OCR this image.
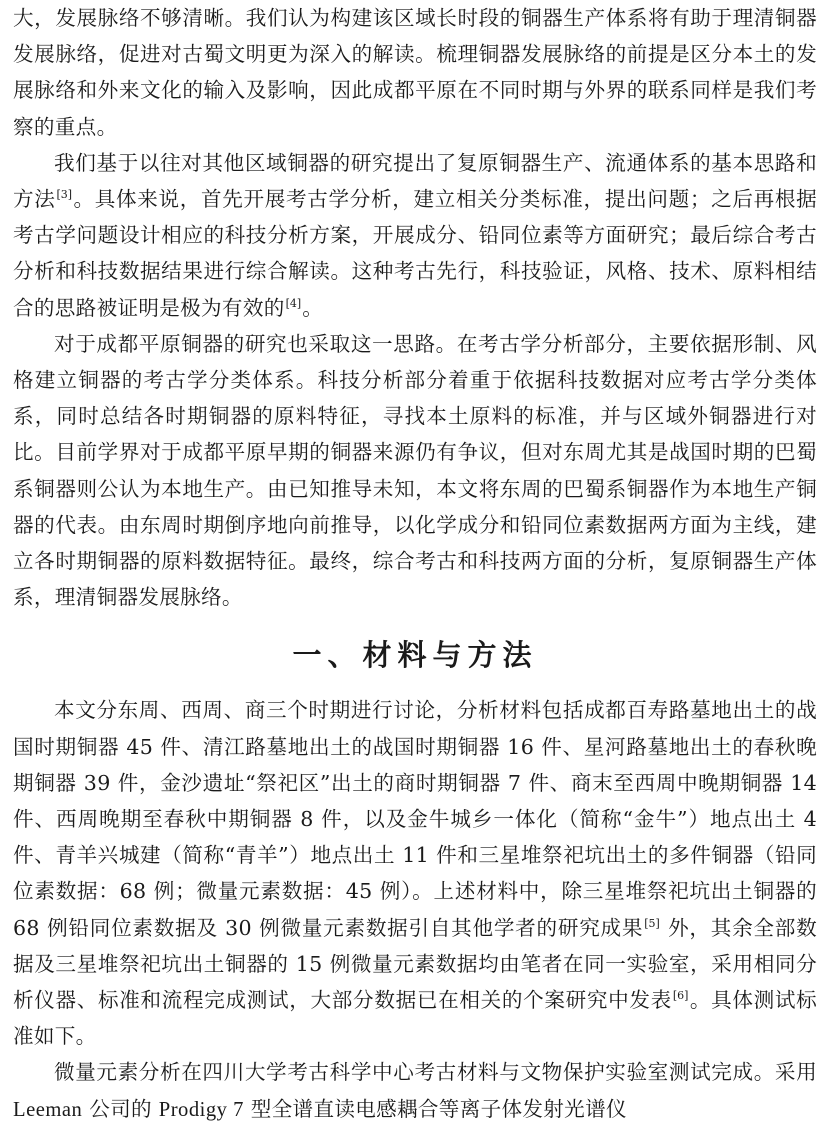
大，发展脉络不够清晰。我们认为构建该区域长时段的铜器生产体系将有助于理清铜器发展脉络，促进对古蜀文明更为深入的解读。梳理铜器发展脉络的前提是区分本土的发展脉络和外来文化的输入及影响，因此成都平原在不同时期与外界的联系同样是我们考察的重点。

我们基于以往对其他区域铜器的研究提出了复原铜器生产、流通体系的基本思路和方法[3]。具体来说，首先开展考古学分析，建立相关分类标准，提出问题；之后再根据考古学问题设计相应的科技分析方案，开展成分、铅同位素等方面研究；最后综合考古分析和科技数据结果进行综合解读。这种考古先行，科技验证，风格、技术、原料相结合的思路被证明是极为有效的[4]。

对于成都平原铜器的研究也采取这一思路。在考古学分析部分，主要依据形制、风格建立铜器的考古学分类体系。科技分析部分着重于依据科技数据对应考古学分类体系，同时总结各时期铜器的原料特征，寻找本土原料的标准，并与区域外铜器进行对比。目前学界对于成都平原早期的铜器来源仍有争议，但对东周尤其是战国时期的巴蜀系铜器则公认为本地生产。由已知推导未知，本文将东周的巴蜀系铜器作为本地生产铜器的代表。由东周时期倒序地向前推导，以化学成分和铅同位素数据两方面为主线，建立各时期铜器的原料数据特征。最终，综合考古和科技两方面的分析，复原铜器生产体系，理清铜器发展脉络。

一、材料与方法

本文分东周、西周、商三个时期进行讨论，分析材料包括成都百寿路墓地出土的战国时期铜器 45 件、清江路墓地出土的战国时期铜器 16 件、星河路墓地出土的春秋晚期铜器 39 件，金沙遗址“祭祀区”出土的商时期铜器 7 件、商末至西周中晚期铜器 14 件、西周晚期至春秋中期铜器 8 件，以及金牛城乡一体化（简称“金牛”）地点出土 4 件、青羊兴城建（简称“青羊”）地点出土 11 件和三星堆祭祀坑出土的多件铜器（铅同位素数据：68 例；微量元素数据：45 例）。上述材料中，除三星堆祭祀坑出土铜器的 68 例铅同位素数据及 30 例微量元素数据引自其他学者的研究成果[5] 外，其余全部数据及三星堆祭祀坑出土铜器的 15 例微量元素数据均由笔者在同一实验室，采用相同分析仪器、标准和流程完成测试，大部分数据已在相关的个案研究中发表[6]。具体测试标准如下。

微量元素分析在四川大学考古科学中心考古材料与文物保护实验室测试完成。采用 Leeman 公司的 Prodigy 7 型全谱直读电感耦合等离子体发射光谱仪
